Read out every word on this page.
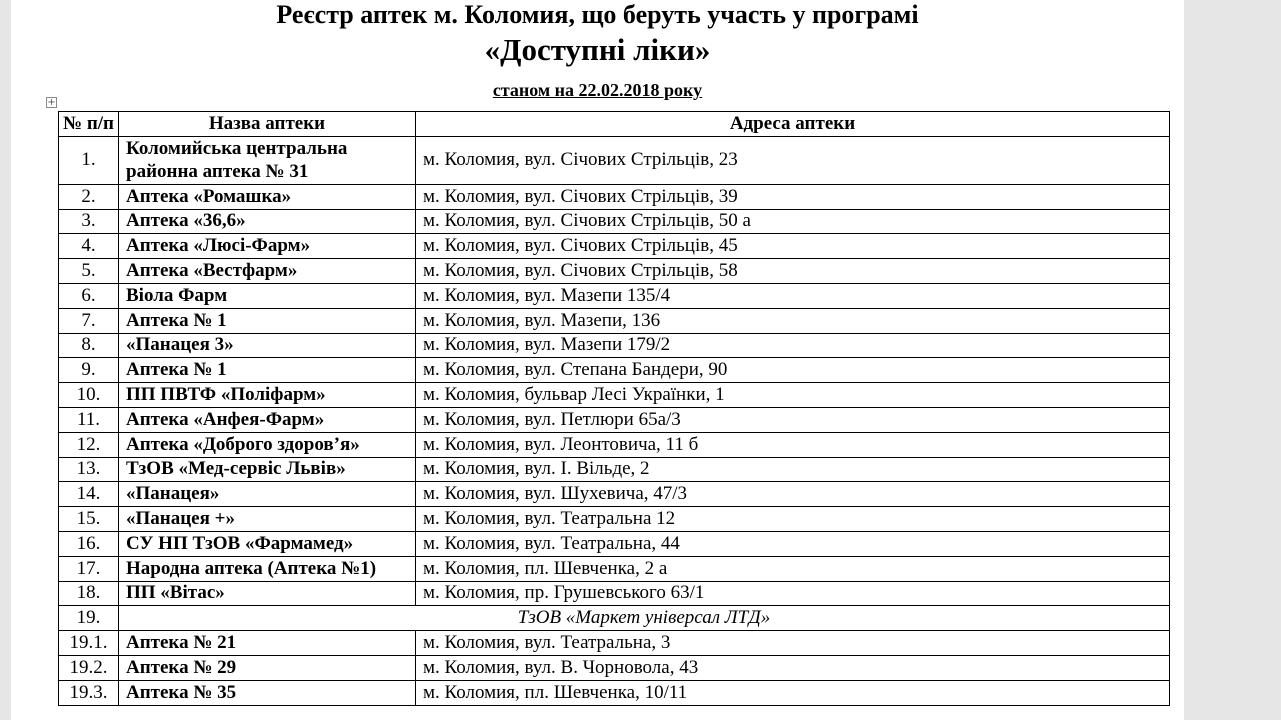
Реєстр аптек м. Коломия, що беруть участь у програмі
«Доступні ліки»
станом на 22.02.2018 року
+
№ п/п	Назва аптеки	Адреса аптеки
1.	Коломийська центральна районна аптека № 31	м. Коломия, вул. Січових Стрільців, 23
2.	Аптека «Ромашка»	м. Коломия, вул. Січових Стрільців, 39
3.	Аптека «36,6»	м. Коломия, вул. Січових Стрільців, 50 а
4.	Аптека «Люсі-Фарм»	м. Коломия, вул. Січових Стрільців, 45
5.	Аптека «Вестфарм»	м. Коломия, вул. Січових Стрільців, 58
6.	Віола Фарм	м. Коломия, вул. Мазепи 135/4
7.	Аптека № 1	м. Коломия, вул. Мазепи, 136
8.	«Панацея 3»	м. Коломия, вул. Мазепи 179/2
9.	Аптека № 1	м. Коломия, вул. Степана Бандери, 90
10.	ПП ПВТФ «Поліфарм»	м. Коломия, бульвар Лесі Українки, 1
11.	Аптека «Анфея-Фарм»	м. Коломия, вул. Петлюри 65а/3
12.	Аптека «Доброго здоров’я»	м. Коломия, вул. Леонтовича, 11 б
13.	ТзОВ «Мед-сервіс Львів»	м. Коломия, вул. І. Вільде, 2
14.	«Панацея»	м. Коломия, вул. Шухевича, 47/3
15.	«Панацея +»	м. Коломия, вул. Театральна 12
16.	СУ НП ТзОВ «Фармамед»	м. Коломия, вул. Театральна, 44
17.	Народна аптека (Аптека №1)	м. Коломия, пл. Шевченка, 2 а
18.	ПП «Вітас»	м. Коломия, пр. Грушевського 63/1
19.	ТзОВ «Маркет універсал ЛТД»	
19.1.	Аптека № 21	м. Коломия, вул. Театральна, 3
19.2.	Аптека № 29	м. Коломия, вул. В. Чорновола, 43
19.3.	Аптека № 35	м. Коломия, пл. Шевченка, 10/11
